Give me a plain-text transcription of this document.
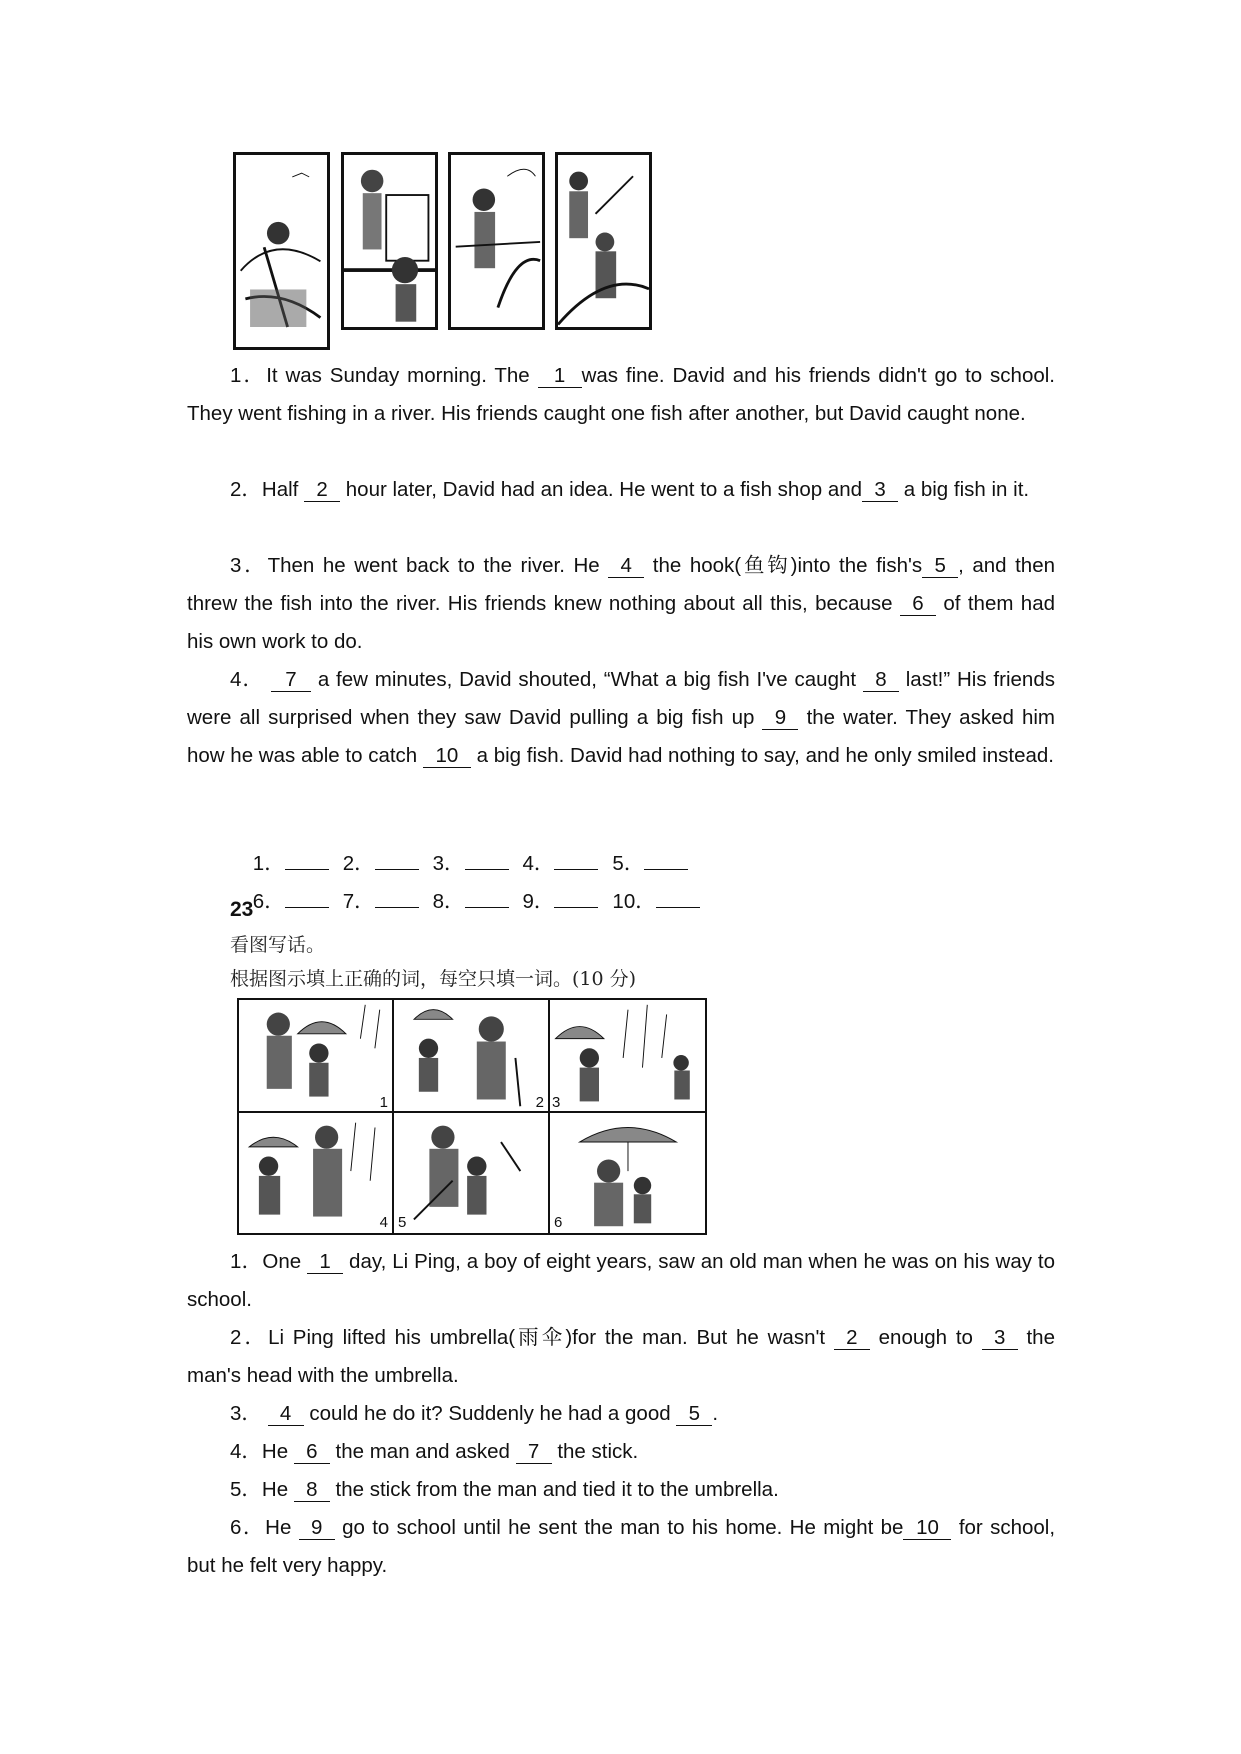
1．It was Sunday morning. The 1 was fine. David and his friends didn't go to school. They went fishing in a river. His friends caught one fish after another, but David caught none.
2．Half 2 hour later, David had an idea. He went to a fish shop and 3 a big fish in it.
3．Then he went back to the river. He 4 the hook(鱼钩)into the fish's 5 , and then threw the fish into the river. His friends knew nothing about all this, because 6 of them had his own work to do.
4． 7 a few minutes, David shouted, “What a big fish I've caught 8 last!” His friends were all surprised when they saw David pulling a big fish up 9 the water. They asked him how he was able to catch 10 a big fish. David had nothing to say, and he only smiled instead.

1．	2．	3．	4．	5．

6．	7．	8．	9．	10．

23
看图写话。
根据图示填上正确的词，每空只填一词。(10 分)
1	2 3
4 5	6
1．One 1 day, Li Ping, a boy of eight years, saw an old man when he was on his way to school.
2．Li Ping lifted his umbrella(雨伞)for the man. But he wasn't 2 enough to 3 the man's head with the umbrella.
3． 4 could he do it? Suddenly he had a good 5 .
4．He 6 the man and asked 7 the stick.
5．He 8 the stick from the man and tied it to the umbrella.
6．He 9 go to school until he sent the man to his home. He might be 10 for school, but he felt very happy.
